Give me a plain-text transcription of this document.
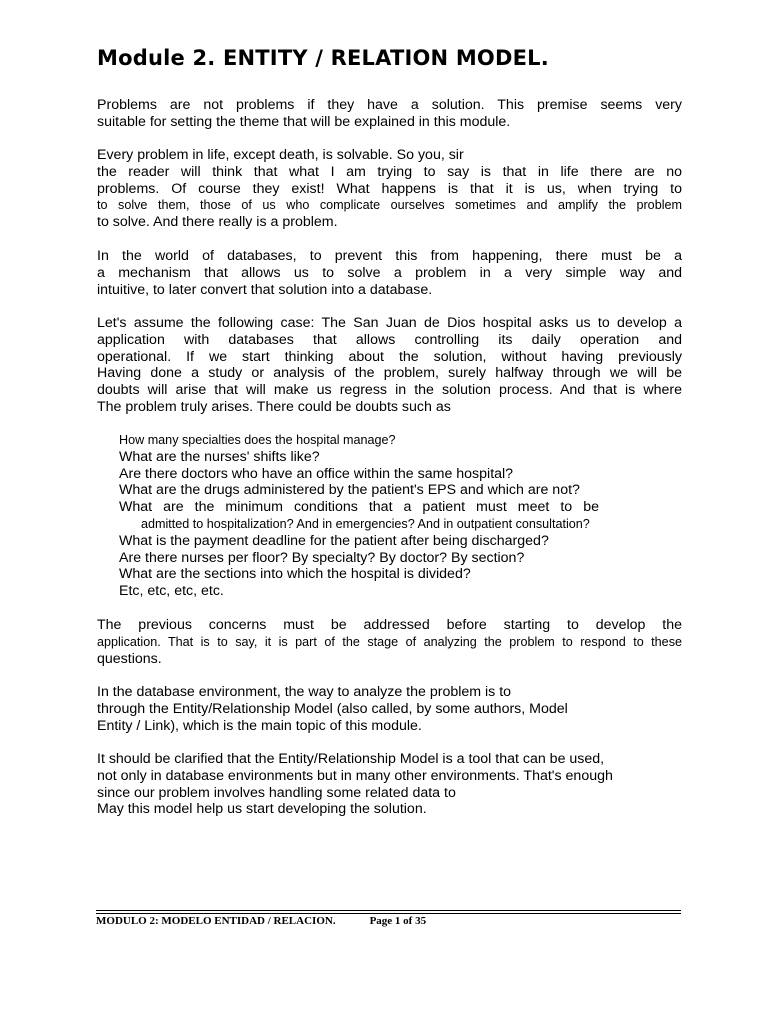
Module 2. ENTITY / RELATION MODEL.
Problems are not problems if they have a solution. This premise seems very
suitable for setting the theme that will be explained in this module.
Every problem in life, except death, is solvable. So you, sir
the reader will think that what I am trying to say is that in life there are no
problems. Of course they exist! What happens is that it is us, when trying to
to solve them, those of us who complicate ourselves sometimes and amplify the problem
to solve. And there really is a problem.
In the world of databases, to prevent this from happening, there must be a
a mechanism that allows us to solve a problem in a very simple way and
intuitive, to later convert that solution into a database.
Let's assume the following case: The San Juan de Dios hospital asks us to develop a
application with databases that allows controlling its daily operation and
operational. If we start thinking about the solution, without having previously
Having done a study or analysis of the problem, surely halfway through we will be
doubts will arise that will make us regress in the solution process. And that is where
The problem truly arises. There could be doubts such as
How many specialties does the hospital manage?
What are the nurses' shifts like?
Are there doctors who have an office within the same hospital?
What are the drugs administered by the patient's EPS and which are not?
What are the minimum conditions that a patient must meet to be
admitted to hospitalization? And in emergencies? And in outpatient consultation?
What is the payment deadline for the patient after being discharged?
Are there nurses per floor? By specialty? By doctor? By section?
What are the sections into which the hospital is divided?
Etc, etc, etc, etc.
The previous concerns must be addressed before starting to develop the
application. That is to say, it is part of the stage of analyzing the problem to respond to these
questions.
In the database environment, the way to analyze the problem is to
through the Entity/Relationship Model (also called, by some authors, Model
Entity / Link), which is the main topic of this module.
It should be clarified that the Entity/Relationship Model is a tool that can be used,
not only in database environments but in many other environments. That's enough
since our problem involves handling some related data to
May this model help us start developing the solution.
MODULO 2: MODELO ENTIDAD / RELACION.	Page 1 of 35
